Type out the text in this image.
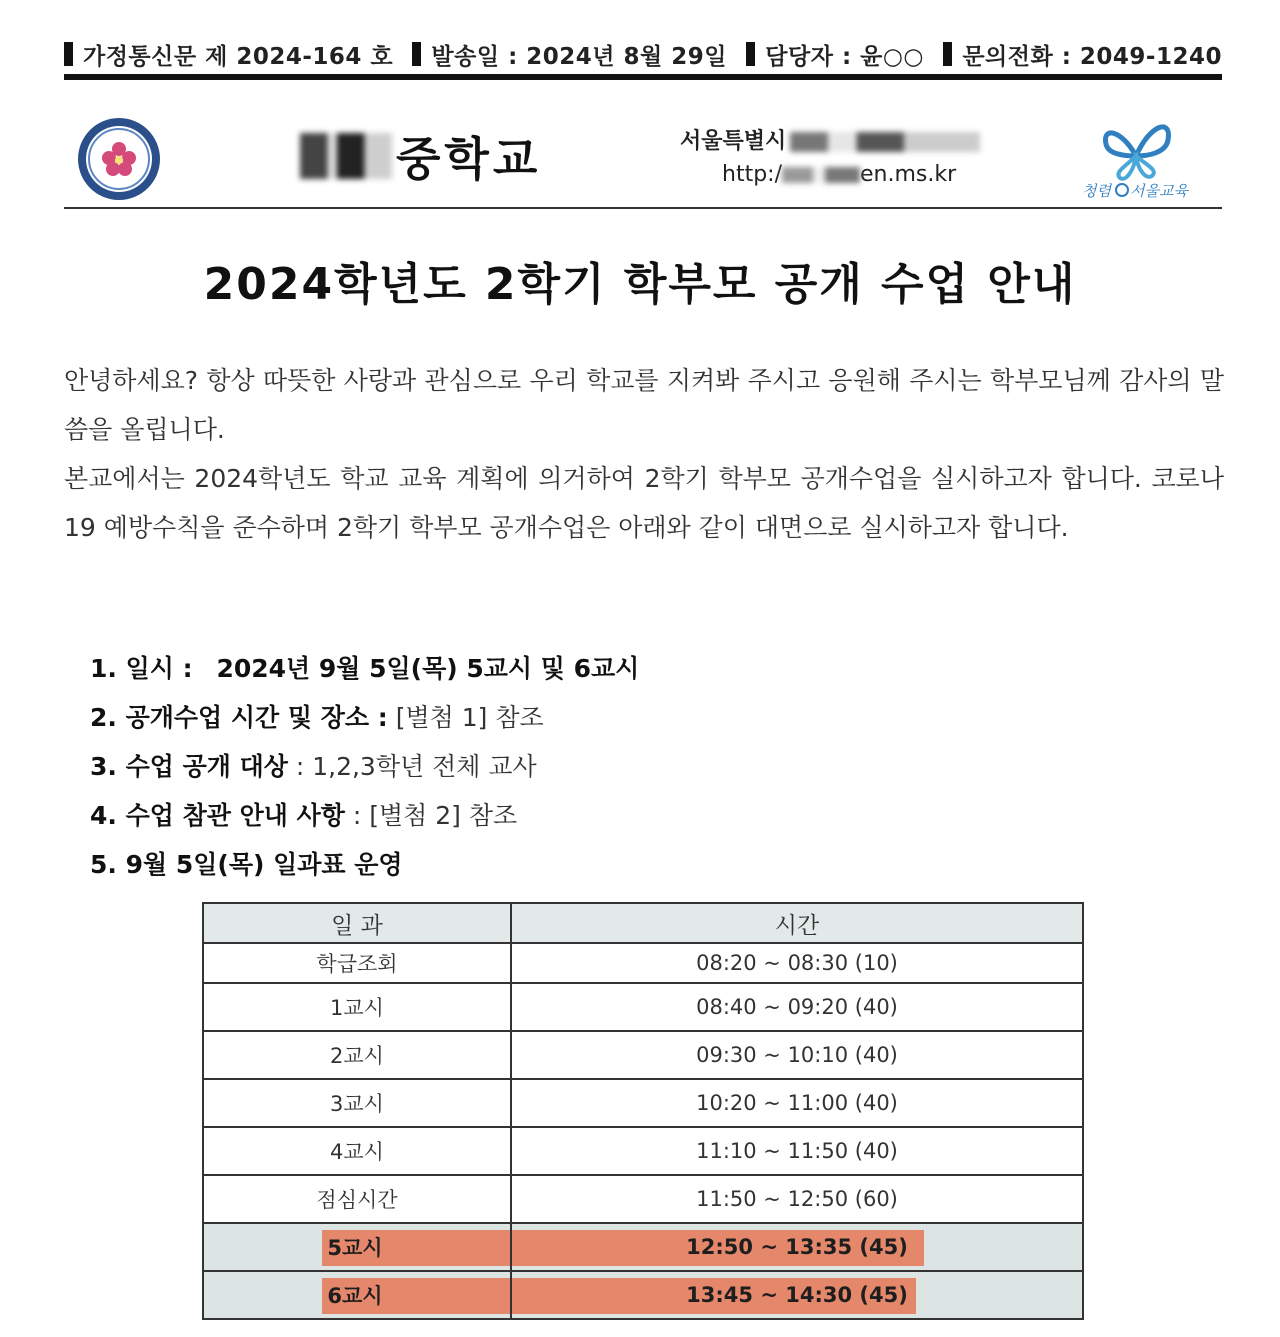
가정통신문 제 2024-164 호 발송일 : 2024년 8월 29일 담당자 : 윤○○ 문의전화 : 2049-1240
중학교	서울특별시
http:/	en.ms.kr
청렴 서울교육
2024학년도 2학기 학부모 공개 수업 안내

안녕하세요? 항상 따뜻한 사랑과 관심으로 우리 학교를 지켜봐 주시고 응원해 주시는 학부모님께 감사의 말씀을 올립니다.

본교에서는 2024학년도 학교 교육 계획에 의거하여 2학기 학부모 공개수업을 실시하고자 합니다. 코로나19 예방수칙을 준수하며 2학기 학부모 공개수업은 아래와 같이 대면으로 실시하고자 합니다.

1. 일시 : 2024년 9월 5일(목) 5교시 및 6교시
2. 공개수업 시간 및 장소 : [별첨 1] 참조
3. 수업 공개 대상 : 1,2,3학년 전체 교사
4. 수업 참관 안내 사항 : [별첨 2] 참조
5. 9월 5일(목) 일과표 운영
일 과	시간
학급조회	08:20 ~ 08:30 (10)
1교시	08:40 ~ 09:20 (40)
2교시	09:30 ~ 10:10 (40)
3교시	10:20 ~ 11:00 (40)
4교시	11:10 ~ 11:50 (40)
점심시간	11:50 ~ 12:50 (60)

5교시	12:50 ~ 13:35 (45)

6교시	13:45 ~ 14:30 (45)
